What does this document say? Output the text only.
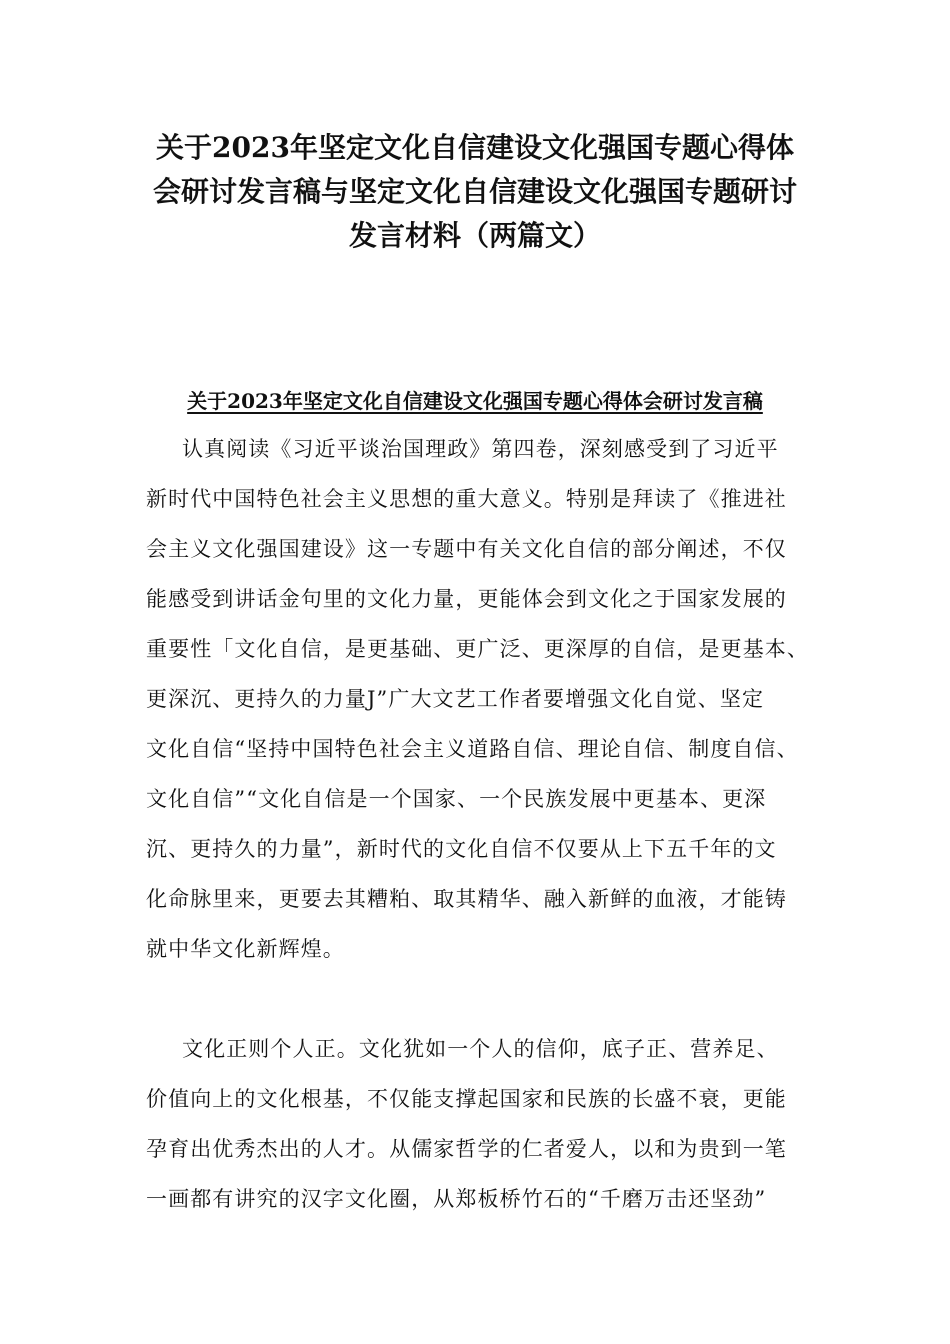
关于2023年坚定文化自信建设文化强国专题心得体
会研讨发言稿与坚定文化自信建设文化强国专题研讨
发言材料（两篇文）
关于2023年坚定文化自信建设文化强国专题心得体会研讨发言稿

认真阅读《习近平谈治国理政》第四卷，深刻感受到了习近平

新时代中国特色社会主义思想的重大意义。特别是拜读了《推进社

会主义文化强国建设》这一专题中有关文化自信的部分阐述，不仅

能感受到讲话金句里的文化力量，更能体会到文化之于国家发展的

重要性「文化自信，是更基础、更广泛、更深厚的自信，是更基本、

更深沉、更持久的力量J”广大文艺工作者要增强文化自觉、坚定

文化自信“坚持中国特色社会主义道路自信、理论自信、制度自信、

文化自信”“文化自信是一个国家、一个民族发展中更基本、更深

沉、更持久的力量”，新时代的文化自信不仅要从上下五千年的文

化命脉里来，更要去其糟粕、取其精华、融入新鲜的血液，才能铸

就中华文化新辉煌。

文化正则个人正。文化犹如一个人的信仰，底子正、营养足、

价值向上的文化根基，不仅能支撑起国家和民族的长盛不衰，更能

孕育出优秀杰出的人才。从儒家哲学的仁者爱人，以和为贵到一笔

一画都有讲究的汉字文化圈，从郑板桥竹石的“千磨万击还坚劲”
